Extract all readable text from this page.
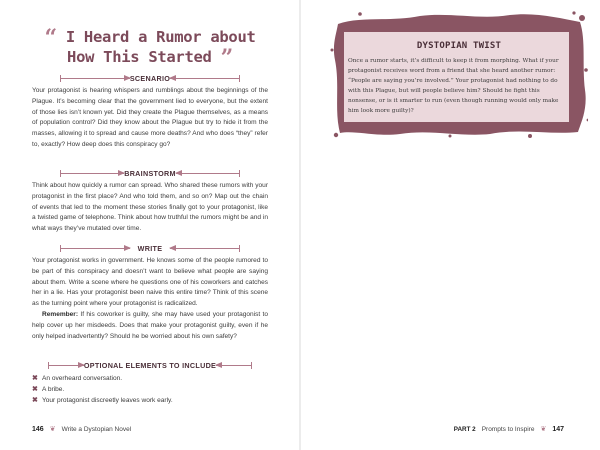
“ I Heard a Rumor about
How This Started ”
SCENARIO

Your protagonist is hearing whispers and rumblings about the beginnings of the Plague. It’s becoming clear that the government lied to everyone, but the extent of those lies isn’t known yet. Did they create the Plague themselves, as a means of population control? Did they know about the Plague but try to hide it from the masses, allowing it to spread and cause more deaths? And who does “they” refer to, exactly? How deep does this conspiracy go?

BRAINSTORM

Think about how quickly a rumor can spread. Who shared these rumors with your protagonist in the first place? And who told them, and so on? Map out the chain of events that led to the moment these stories finally got to your protagonist, like a twisted game of telephone. Think about how truthful the rumors might be and in what ways they’ve mutated over time.

WRITE

Your protagonist works in government. He knows some of the people rumored to be part of this conspiracy and doesn’t want to believe what people are saying about them. Write a scene where he questions one of his coworkers and catches her in a lie. Has your protagonist been naive this entire time? Think of this scene as the turning point where your protagonist is radicalized.

Remember: If his coworker is guilty, she may have used your protagonist to help cover up her misdeeds. Does that make your protagonist guilty, even if he only helped inadvertently? Should he be worried about his own safety?

OPTIONAL ELEMENTS TO INCLUDE
✖ An overheard conversation.
✖ A bribe.
✖ Your protagonist discreetly leaves work early.
146 ❦ Write a Dystopian Novel
DYSTOPIAN TWIST
Once a rumor starts, it’s difficult to keep it from morphing. What if your protagonist receives word from a friend that she heard another rumor: “People are saying you’re involved.” Your protagonist had nothing to do with this Plague, but will people believe him? Should he fight this nonsense, or is it smarter to run (even though running would only make him look more guilty)?
PART 2 Prompts to Inspire ❦ 147
